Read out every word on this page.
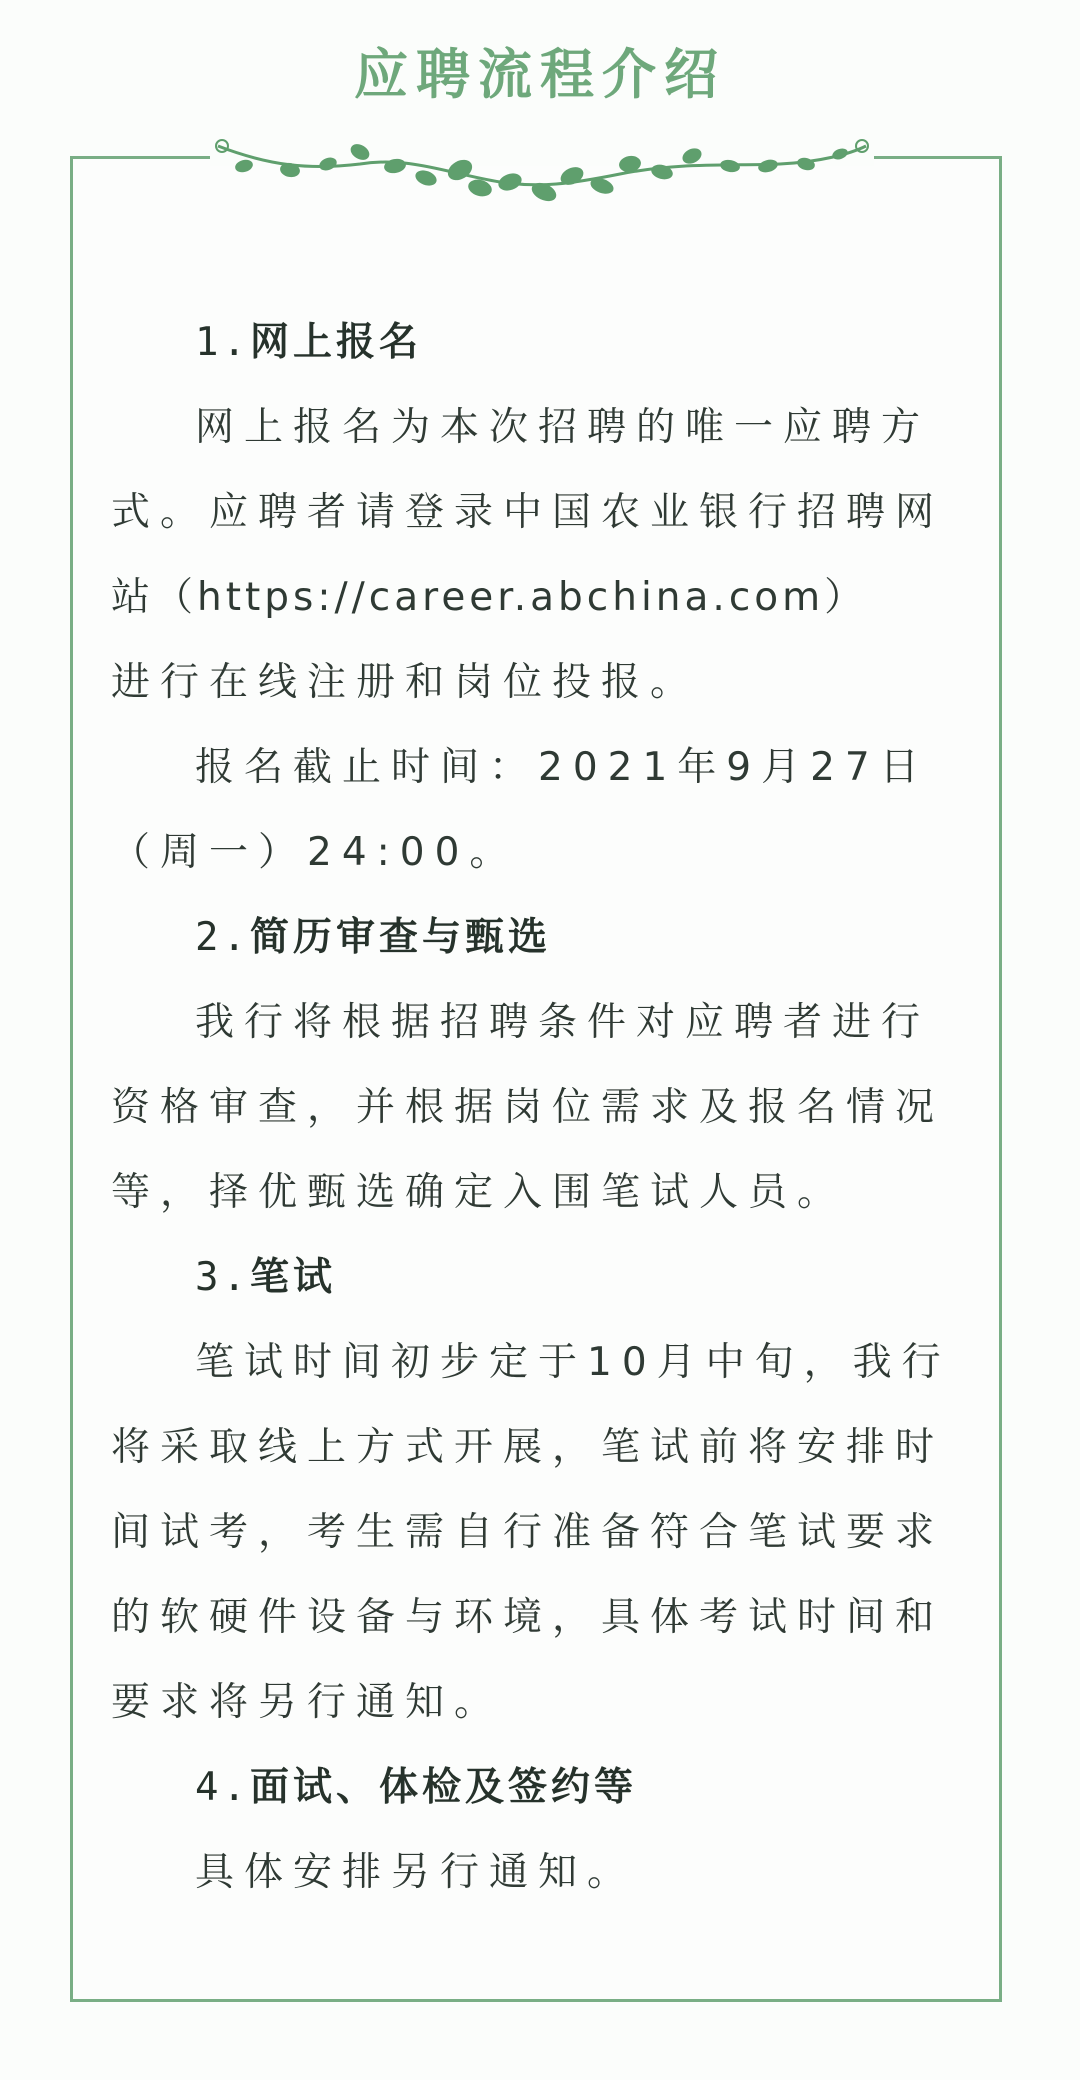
应聘流程介绍
1.网上报名
网上报名为本次招聘的唯一应聘方
式。应聘者请登录中国农业银行招聘网
站（https://career.abchina.com）
进行在线注册和岗位投报。
报名截止时间：2021年9月27日
（周一）24:00。
2.简历审查与甄选
我行将根据招聘条件对应聘者进行
资格审查，并根据岗位需求及报名情况
等，择优甄选确定入围笔试人员。
3.笔试
笔试时间初步定于10月中旬，我行
将采取线上方式开展，笔试前将安排时
间试考，考生需自行准备符合笔试要求
的软硬件设备与环境，具体考试时间和
要求将另行通知。
4.面试、体检及签约等
具体安排另行通知。
